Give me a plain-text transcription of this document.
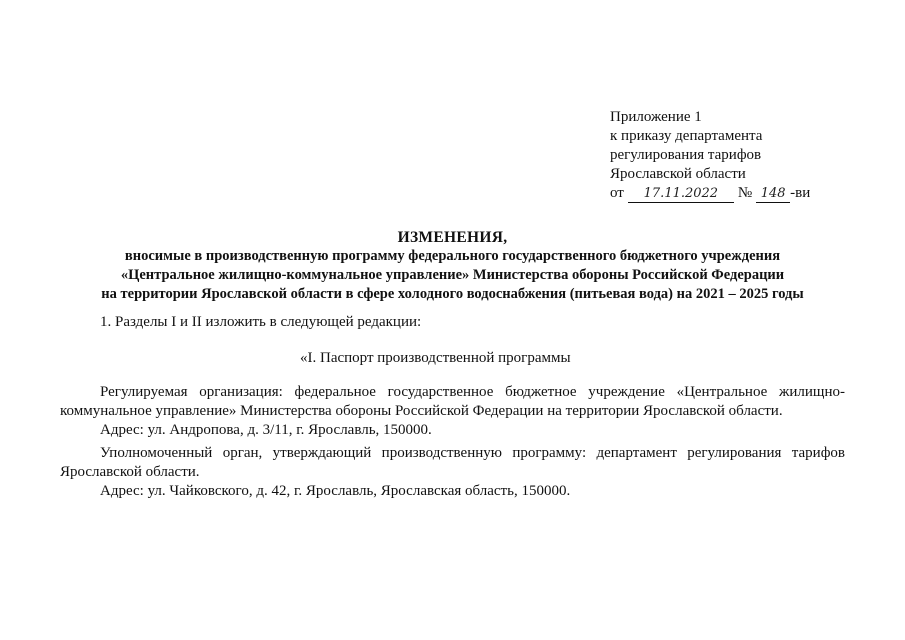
Приложение 1
к приказу департамента
регулирования тарифов
Ярославской области
от 17.11.2022 № 148 -ви
ИЗМЕНЕНИЯ,
вносимые в производственную программу федерального государственного бюджетного учреждения
«Центральное жилищно-коммунальное управление» Министерства обороны Российской Федерации
на территории Ярославской области в сфере холодного водоснабжения (питьевая вода) на 2021 – 2025 годы

1. Разделы I и II изложить в следующей редакции:

«I. Паспорт производственной программы

Регулируемая организация: федеральное государственное бюджетное учреждение «Центральное жилищно-

коммунальное управление» Министерства обороны Российской Федерации на территории Ярославской области.

Адрес: ул. Андропова, д. 3/11, г. Ярославль, 150000.

Уполномоченный орган, утверждающий производственную программу: департамент регулирования тарифов

Ярославской области.

Адрес: ул. Чайковского, д. 42, г. Ярославль, Ярославская область, 150000.
